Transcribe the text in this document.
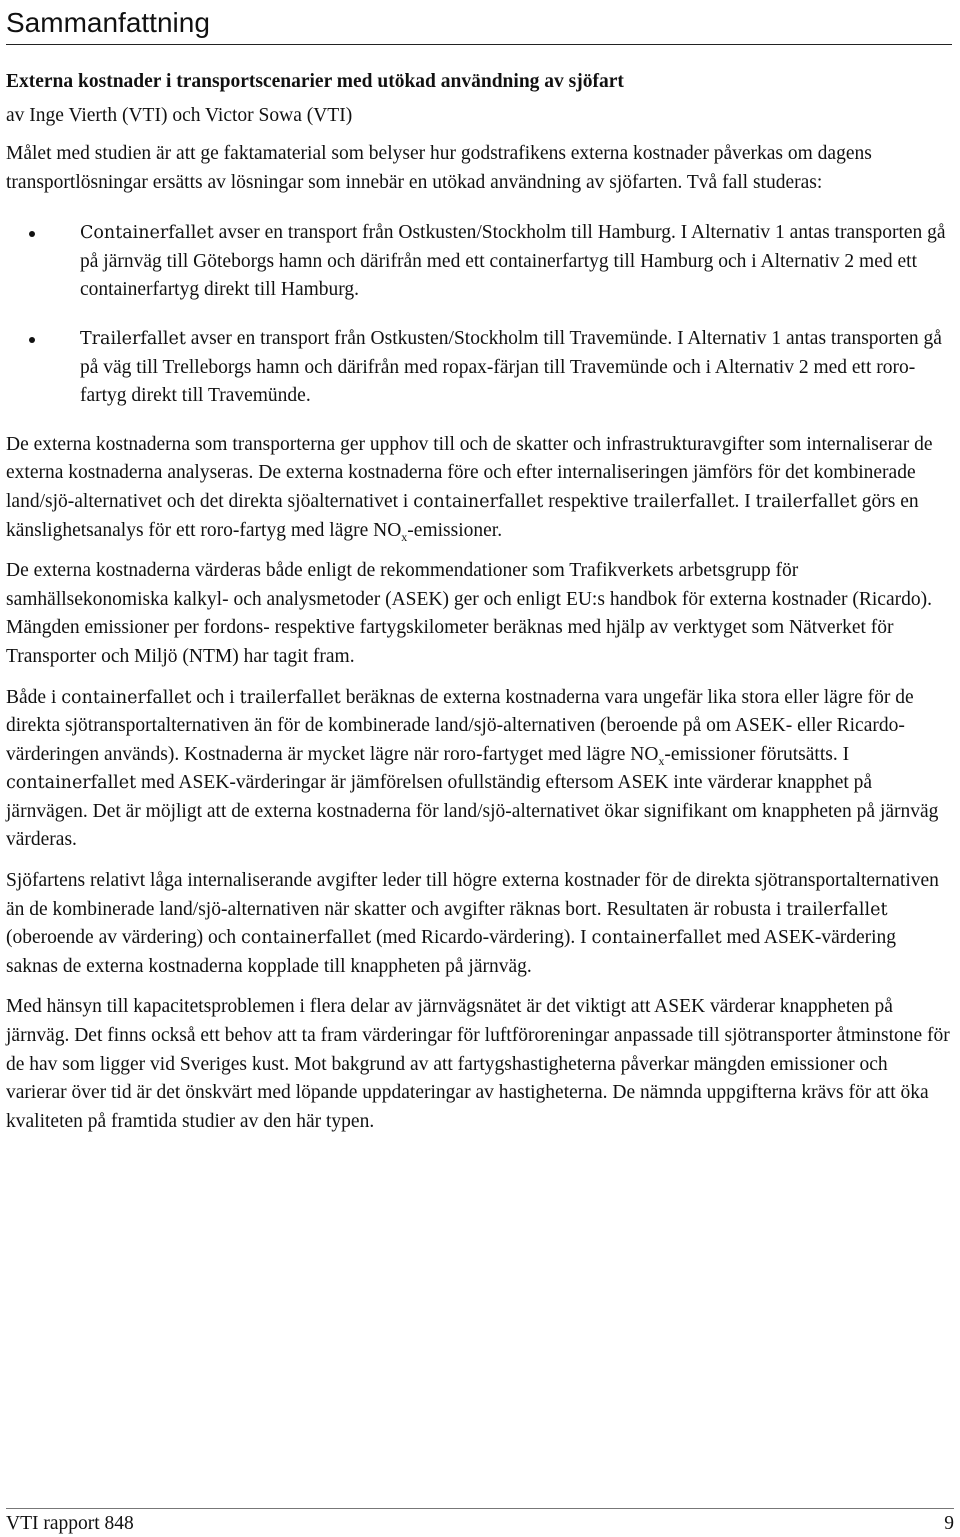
Sammanfattning
Externa kostnader i transportscenarier med utökad användning av sjöfart
av Inge Vierth (VTI) och Victor Sowa (VTI)

Målet med studien är att ge faktamaterial som belyser hur godstrafikens externa kostnader påverkas om dagens transportlösningar ersätts av lösningar som innebär en utökad användning av sjöfarten. Två fall studeras:

Containerfallet avser en transport från Ostkusten/Stockholm till Hamburg. I Alternativ 1 antas transporten gå på järnväg till Göteborgs hamn och därifrån med ett containerfartyg till Hamburg och i Alternativ 2 med ett containerfartyg direkt till Hamburg.
Trailerfallet avser en transport från Ostkusten/Stockholm till Travemünde. I Alternativ 1 antas transporten gå på väg till Trelleborgs hamn och därifrån med ropax-färjan till Travemünde och i Alternativ 2 med ett roro-fartyg direkt till Travemünde.

De externa kostnaderna som transporterna ger upphov till och de skatter och infrastrukturavgifter som internaliserar de externa kostnaderna analyseras. De externa kostnaderna före och efter internaliseringen jämförs för det kombinerade land/sjö-alternativet och det direkta sjöalternativet i containerfallet respektive trailerfallet. I trailerfallet görs en känslighetsanalys för ett roro-fartyg med lägre $NO_x$-emissioner.

De externa kostnaderna värderas både enligt de rekommendationer som Trafikverkets arbetsgrupp för samhällsekonomiska kalkyl- och analysmetoder (ASEK) ger och enligt EU:s handbok för externa kostnader (Ricardo). Mängden emissioner per fordons- respektive fartygskilometer beräknas med hjälp av verktyget som Nätverket för Transporter och Miljö (NTM) har tagit fram.

Både i containerfallet och i trailerfallet beräknas de externa kostnaderna vara ungefär lika stora eller lägre för de direkta sjötransportalternativen än för de kombinerade land/sjö-alternativen (beroende på om ASEK- eller Ricardo-värderingen används). Kostnaderna är mycket lägre när roro-fartyget med lägre $NO_x$-emissioner förutsätts. I containerfallet med ASEK-värderingar är jämförelsen ofullständig eftersom ASEK inte värderar knapphet på järnvägen. Det är möjligt att de externa kostnaderna för land/sjö-alternativet ökar signifikant om knappheten på järnväg värderas.

Sjöfartens relativt låga internaliserande avgifter leder till högre externa kostnader för de direkta sjötransportalternativen än de kombinerade land/sjö-alternativen när skatter och avgifter räknas bort. Resultaten är robusta i trailerfallet (oberoende av värdering) och containerfallet (med Ricardo-värdering). I containerfallet med ASEK-värdering saknas de externa kostnaderna kopplade till knappheten på järnväg.

Med hänsyn till kapacitetsproblemen i flera delar av järnvägsnätet är det viktigt att ASEK värderar knappheten på järnväg. Det finns också ett behov att ta fram värderingar för luftföroreningar anpassade till sjötransporter åtminstone för de hav som ligger vid Sveriges kust. Mot bakgrund av att fartygshastigheterna påverkar mängden emissioner och varierar över tid är det önskvärt med löpande uppdateringar av hastigheterna. De nämnda uppgifterna krävs för att öka kvaliteten på framtida studier av den här typen.

VTI rapport 848	9
